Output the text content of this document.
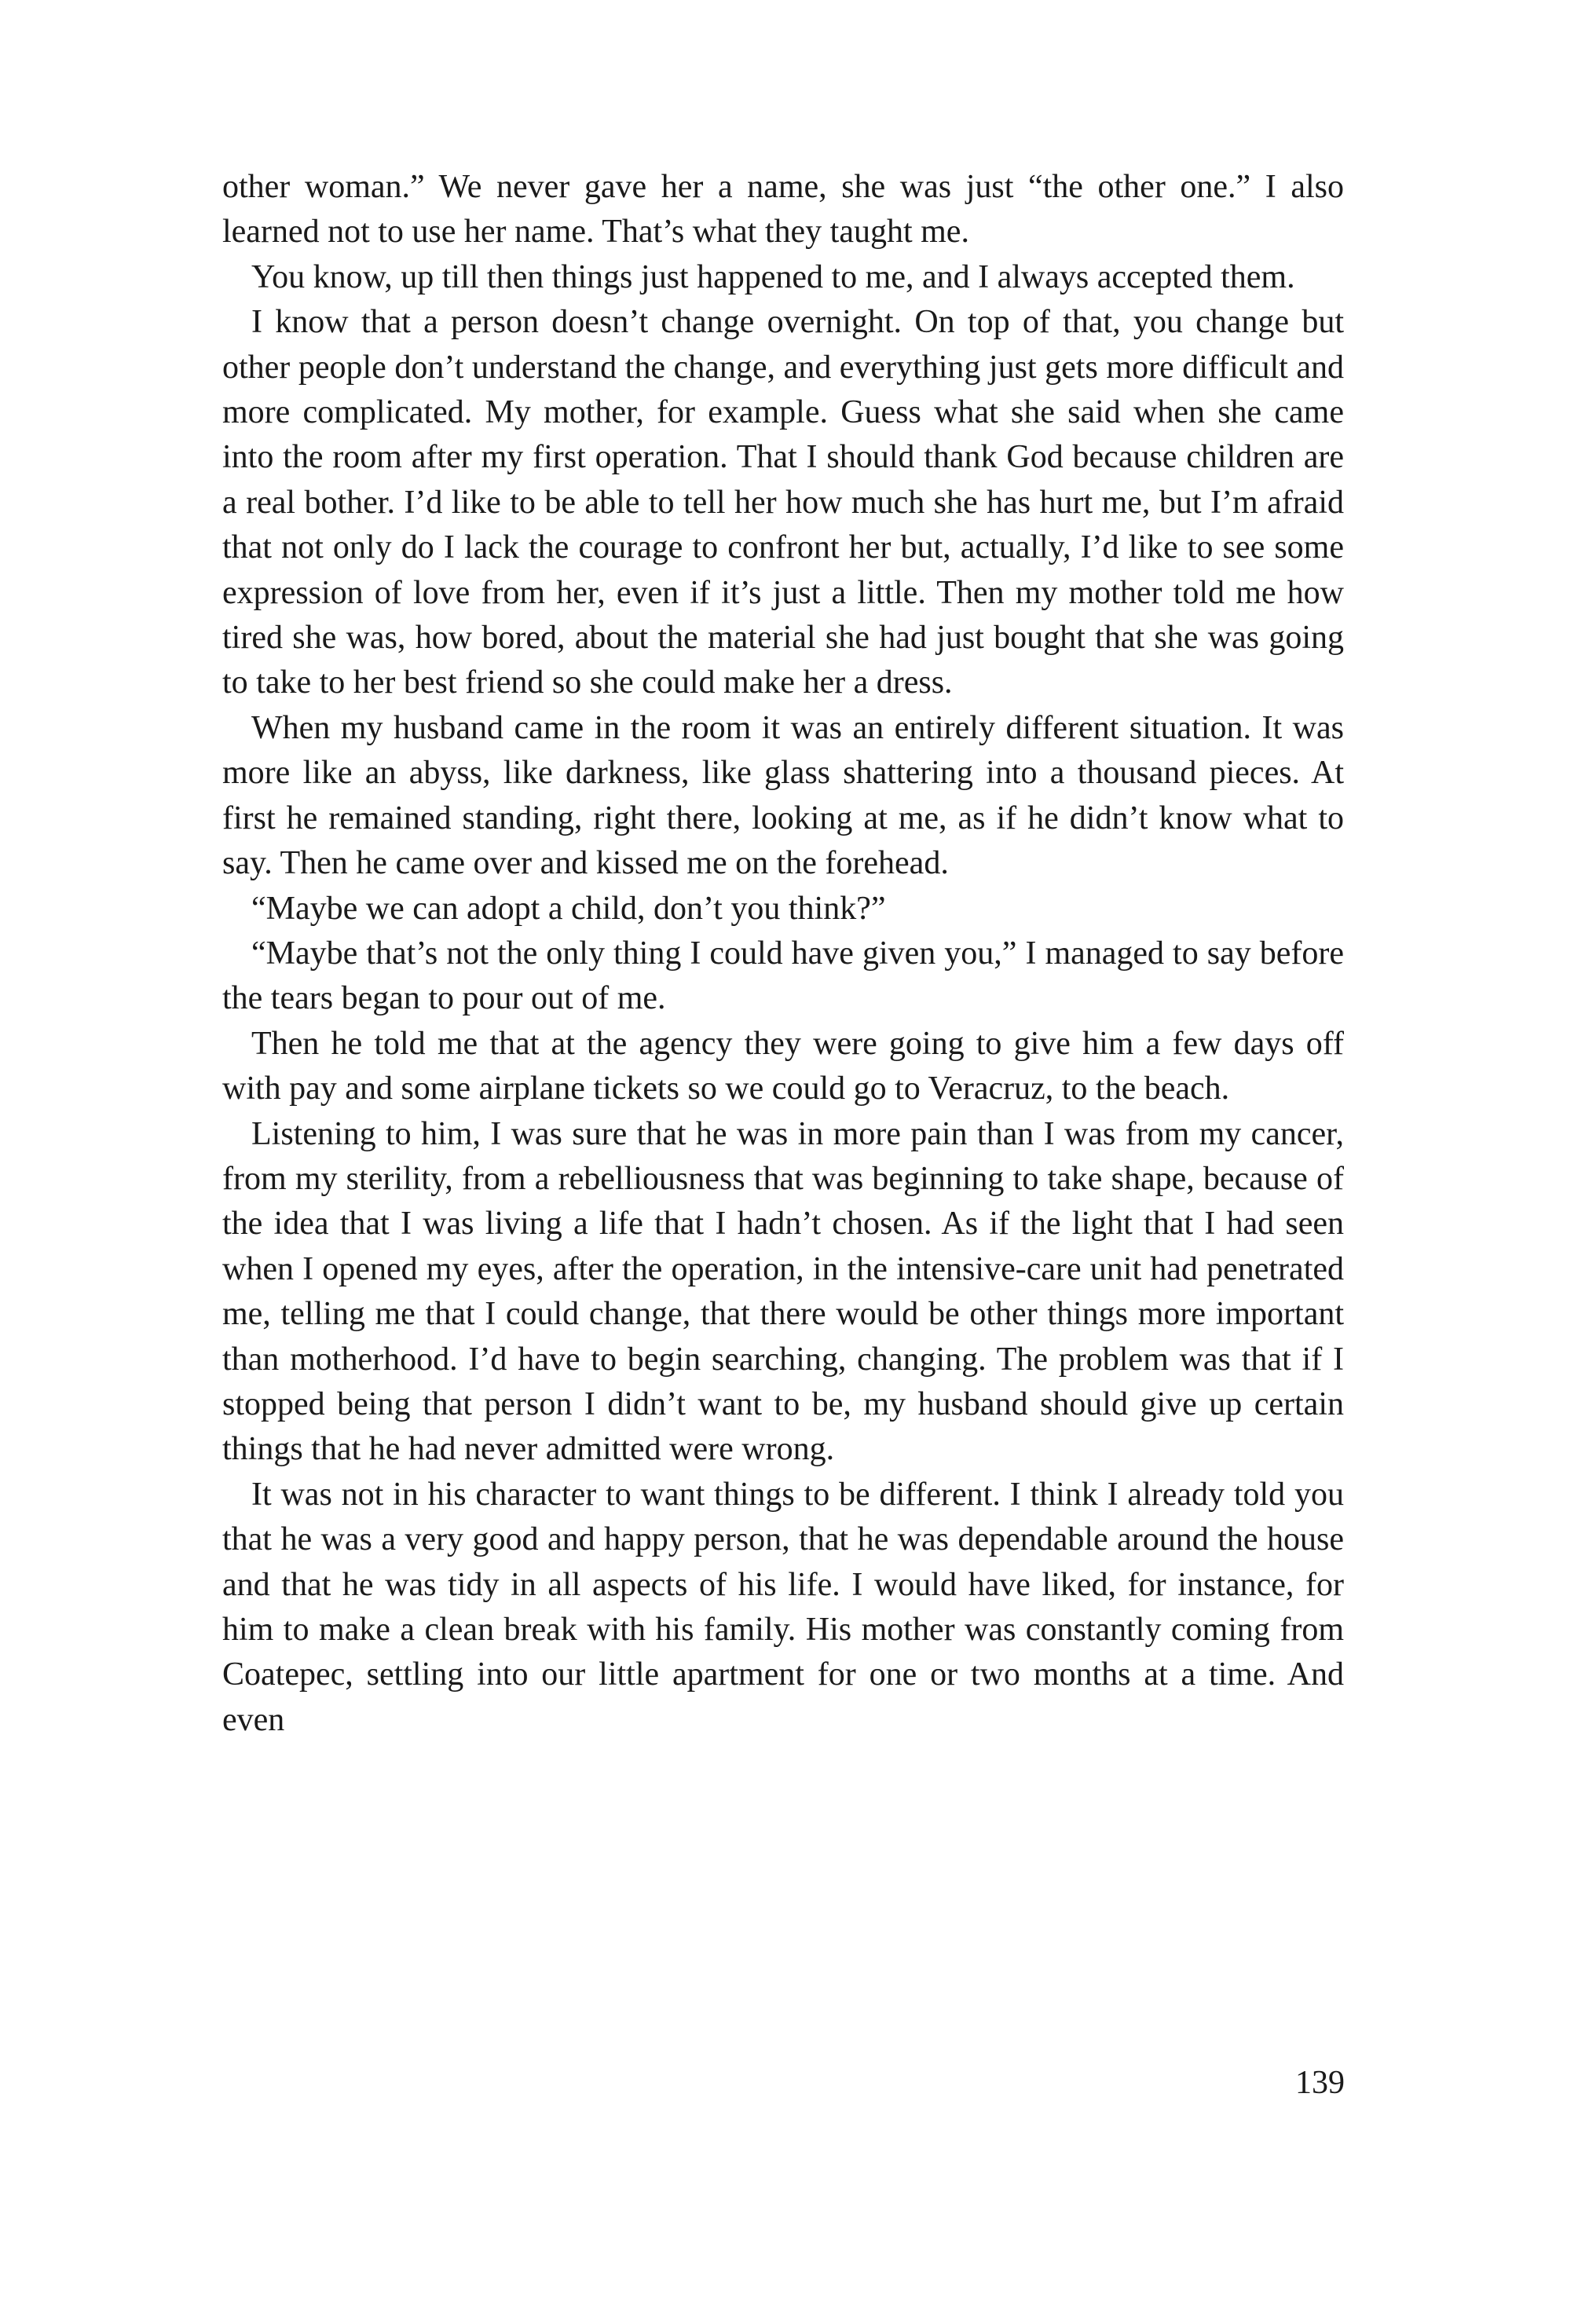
other woman.” We never gave her a name, she was just “the other one.” I also learned not to use her name. That’s what they taught me.

You know, up till then things just happened to me, and I always accepted them.

I know that a person doesn’t change overnight. On top of that, you change but other people don’t understand the change, and everything just gets more difficult and more complicated. My mother, for example. Guess what she said when she came into the room after my first operation. That I should thank God because children are a real bother. I’d like to be able to tell her how much she has hurt me, but I’m afraid that not only do I lack the courage to confront her but, actually, I’d like to see some expression of love from her, even if it’s just a little. Then my mother told me how tired she was, how bored, about the material she had just bought that she was going to take to her best friend so she could make her a dress.

When my husband came in the room it was an entirely different situation. It was more like an abyss, like darkness, like glass shattering into a thousand pieces. At first he remained standing, right there, looking at me, as if he didn’t know what to say. Then he came over and kissed me on the forehead.

“Maybe we can adopt a child, don’t you think?”

“Maybe that’s not the only thing I could have given you,” I managed to say before the tears began to pour out of me.

Then he told me that at the agency they were going to give him a few days off with pay and some airplane tickets so we could go to Veracruz, to the beach.

Listening to him, I was sure that he was in more pain than I was from my cancer, from my sterility, from a rebelliousness that was beginning to take shape, because of the idea that I was living a life that I hadn’t chosen. As if the light that I had seen when I opened my eyes, after the operation, in the intensive-care unit had penetrated me, telling me that I could change, that there would be other things more important than motherhood. I’d have to begin searching, changing. The problem was that if I stopped being that person I didn’t want to be, my husband should give up certain things that he had never admitted were wrong.

It was not in his character to want things to be different. I think I already told you that he was a very good and happy person, that he was dependable around the house and that he was tidy in all aspects of his life. I would have liked, for instance, for him to make a clean break with his family. His mother was constantly coming from Coatepec, settling into our little apartment for one or two months at a time. And even

139
